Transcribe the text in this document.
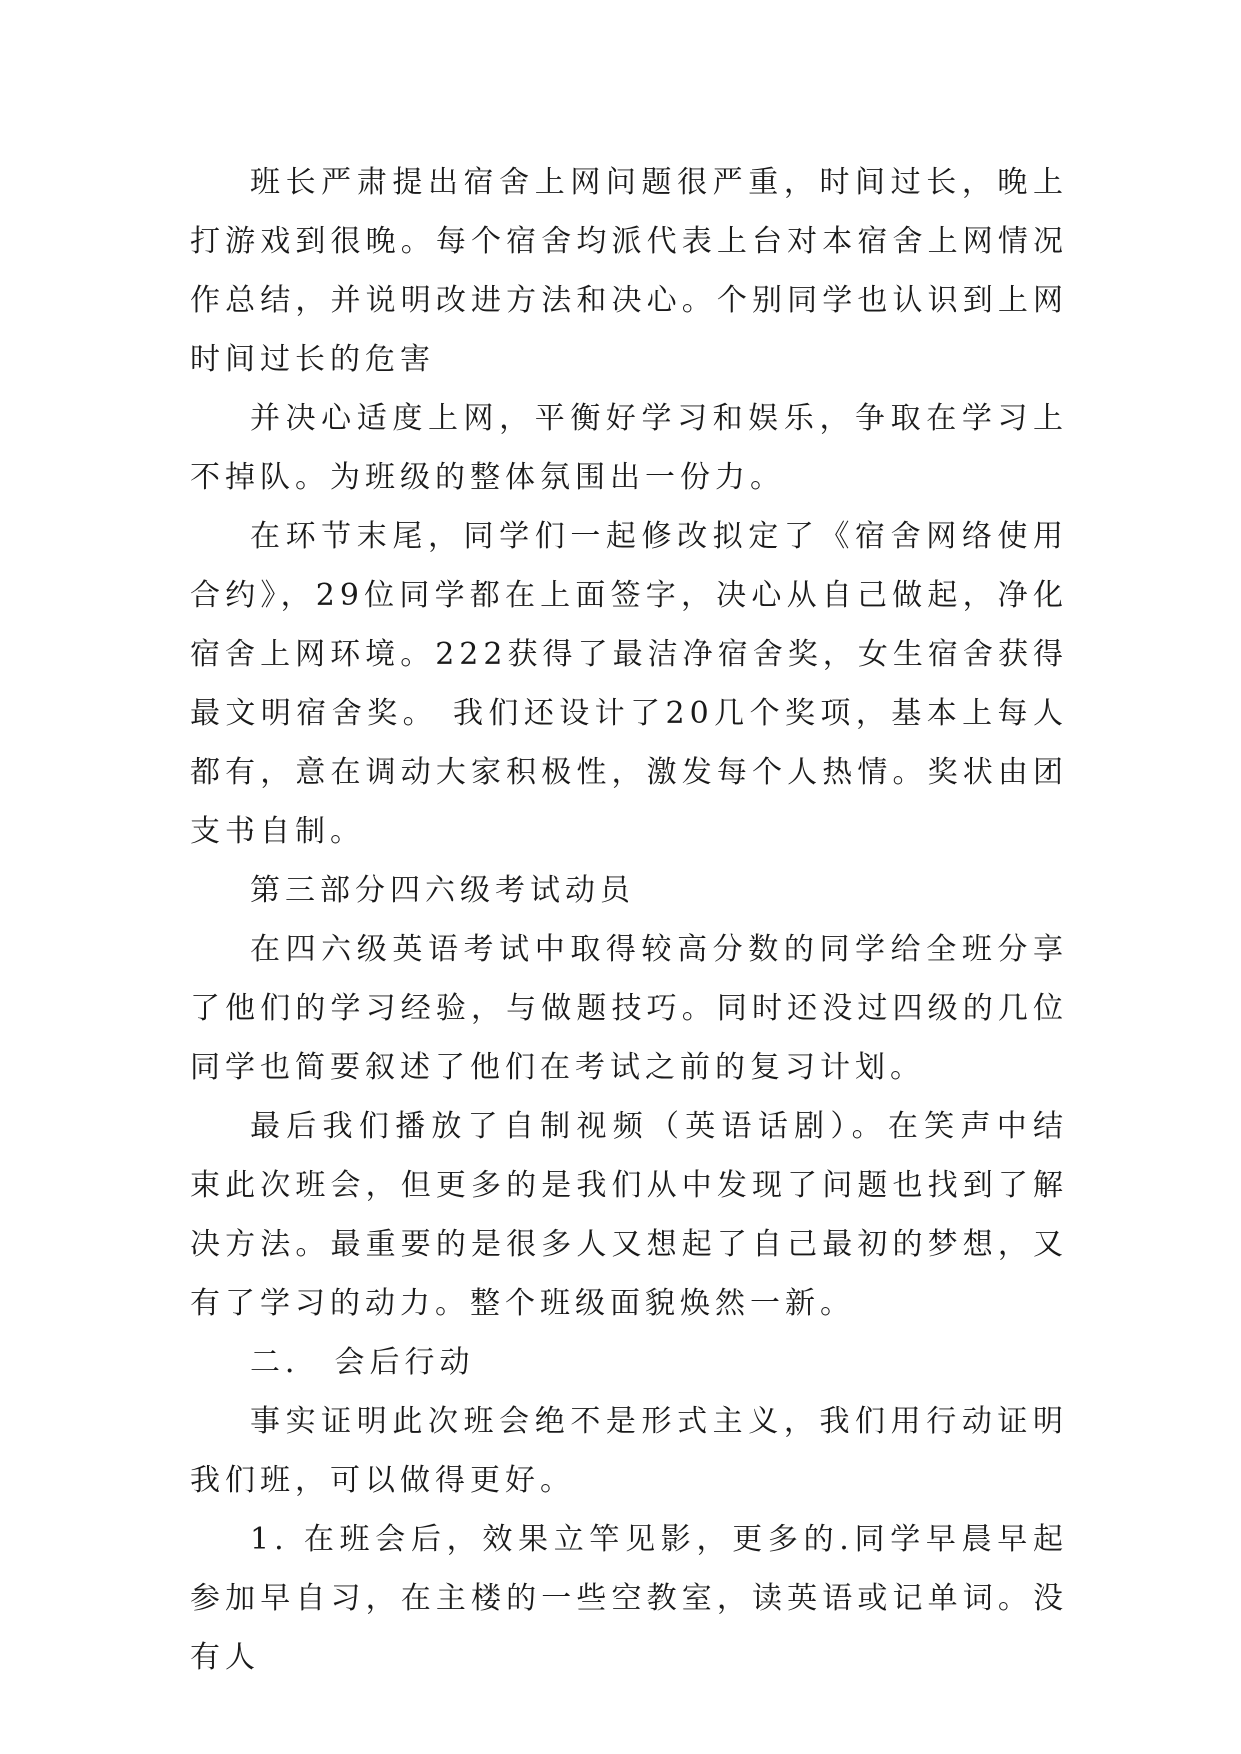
班长严肃提出宿舍上网问题很严重，时间过长，晚上打游戏到很晚。每个宿舍均派代表上台对本宿舍上网情况作总结，并说明改进方法和决心。个别同学也认识到上网时间过长的危害

并决心适度上网，平衡好学习和娱乐，争取在学习上不掉队。为班级的整体氛围出一份力。

在环节末尾，同学们一起修改拟定了《宿舍网络使用合约》，29位同学都在上面签字，决心从自己做起，净化宿舍上网环境。222获得了最洁净宿舍奖，女生宿舍获得最文明宿舍奖。 我们还设计了20几个奖项，基本上每人都有，意在调动大家积极性，激发每个人热情。奖状由团支书自制。

第三部分四六级考试动员

在四六级英语考试中取得较高分数的同学给全班分享了他们的学习经验，与做题技巧。同时还没过四级的几位同学也简要叙述了他们在考试之前的复习计划。

最后我们播放了自制视频（英语话剧）。在笑声中结束此次班会，但更多的是我们从中发现了问题也找到了解决方法。最重要的是很多人又想起了自己最初的梦想，又有了学习的动力。整个班级面貌焕然一新。

二． 会后行动

事实证明此次班会绝不是形式主义，我们用行动证明我们班，可以做得更好。

1. 在班会后，效果立竿见影，更多的.同学早晨早起参加早自习，在主楼的一些空教室，读英语或记单词。没有人
